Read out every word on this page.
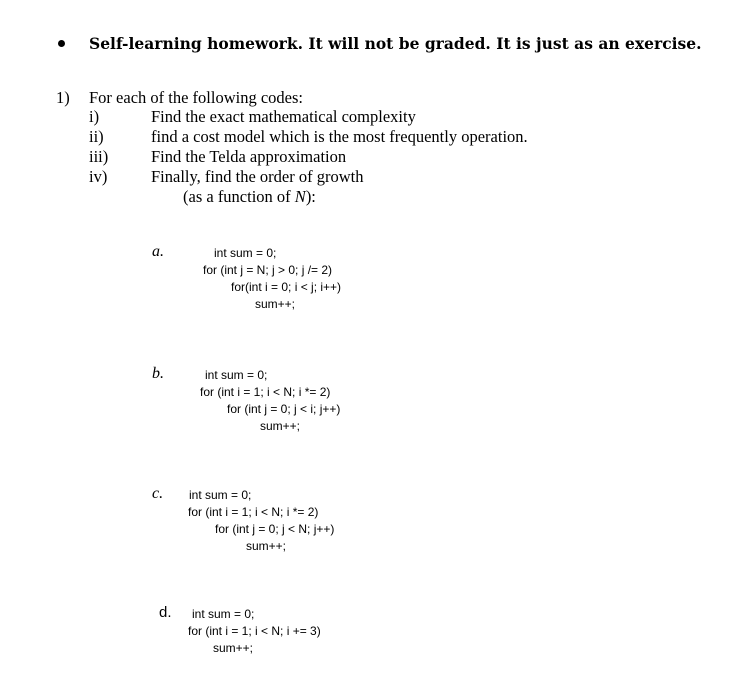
Self-learning homework. It will not be graded. It is just as an exercise.
1) For each of the following codes:
i)	Find the exact mathematical complexity
ii)	find a cost model which is the most frequently operation.
iii)	Find the Telda approximation
iv)	Finally, find the order of growth
(as a function of N):
a.	int sum = 0;
for (int j = N; j > 0; j /= 2)
for(int i = 0; i < j; i++)
sum++;
b.	int sum = 0;
for (int i = 1; i < N; i *= 2)
for (int j = 0; j < i; j++)
sum++;
c. int sum = 0;
for (int i = 1; i < N; i *= 2)
for (int j = 0; j < N; j++)
sum++;
d. int sum = 0;
for (int i = 1; i < N; i += 3)
sum++;
